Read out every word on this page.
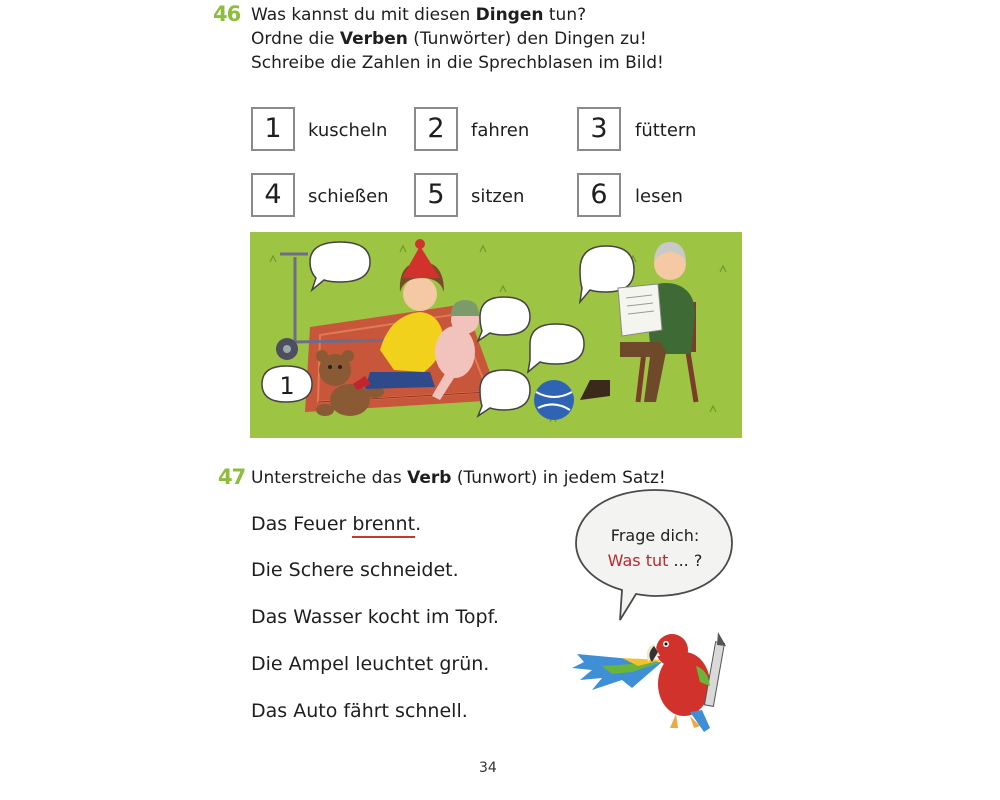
46 Was kannst du mit diesen Dingen tun?
Ordne die Verben (Tunwörter) den Dingen zu!
Schreibe die Zahlen in die Sprechblasen im Bild!
1	kuscheln	2	fahren	3	füttern
4	schießen	5	sitzen	6	lesen
1
47 Unterstreiche das Verb (Tunwort) in jedem Satz!
Das Feuer brennt.
Die Schere schneidet.
Das Wasser kocht im Topf.
Die Ampel leuchtet grün.
Das Auto fährt schnell.
Frage dich:
Was tut ... ?
34
